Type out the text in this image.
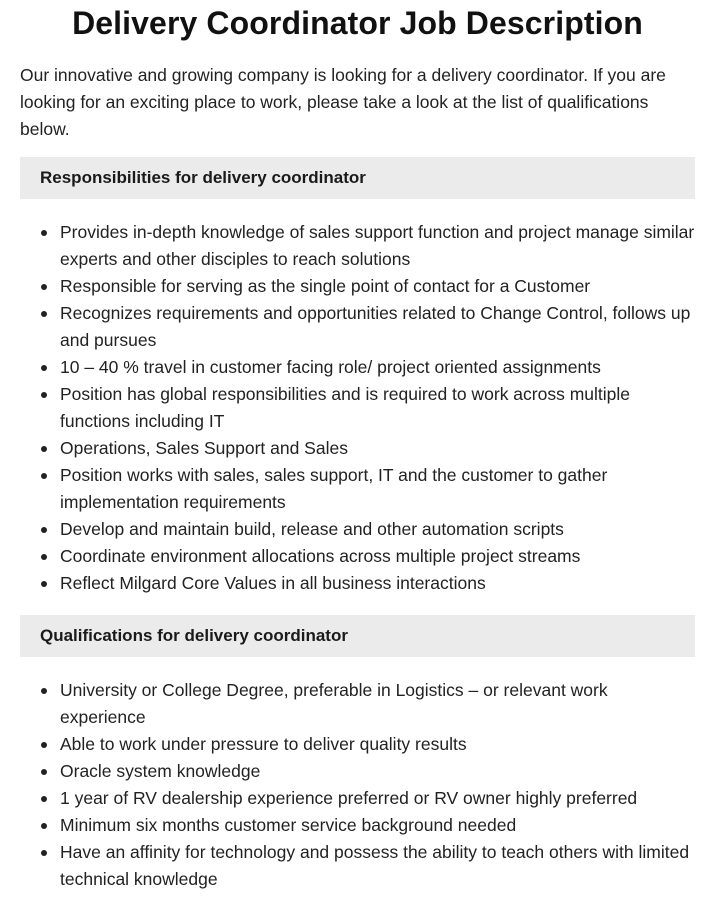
Delivery Coordinator Job Description

Our innovative and growing company is looking for a delivery coordinator. If you are looking for an exciting place to work, please take a look at the list of qualifications below.

Responsibilities for delivery coordinator
Provides in-depth knowledge of sales support function and project manage similar experts and other disciples to reach solutions
Responsible for serving as the single point of contact for a Customer
Recognizes requirements and opportunities related to Change Control, follows up and pursues
10 – 40 % travel in customer facing role/ project oriented assignments
Position has global responsibilities and is required to work across multiple functions including IT
Operations, Sales Support and Sales
Position works with sales, sales support, IT and the customer to gather implementation requirements
Develop and maintain build, release and other automation scripts
Coordinate environment allocations across multiple project streams
Reflect Milgard Core Values in all business interactions
Qualifications for delivery coordinator
University or College Degree, preferable in Logistics – or relevant work experience
Able to work under pressure to deliver quality results
Oracle system knowledge
1 year of RV dealership experience preferred or RV owner highly preferred
Minimum six months customer service background needed
Have an affinity for technology and possess the ability to teach others with limited technical knowledge
